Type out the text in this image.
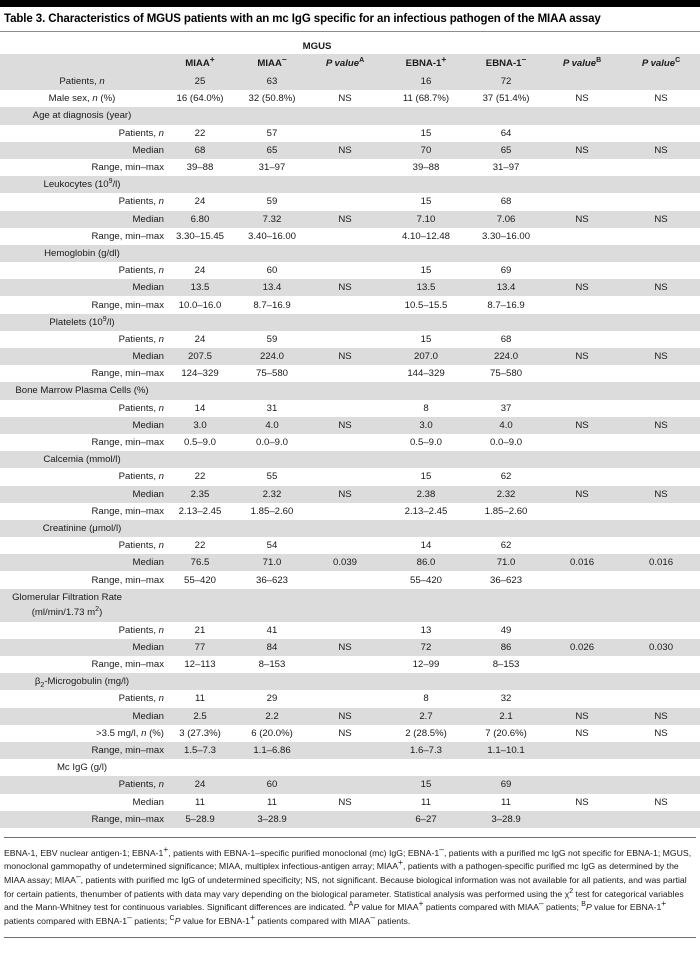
Table 3. Characteristics of MGUS patients with an mc IgG specific for an infectious pathogen of the MIAA assay
	MGUS						
	MIAA+	MIAA–	P value$^A$	EBNA-1+	EBNA-1–	P value$^B$	P value$^C$
Patients, n	25	63		16	72		
Male sex, n (%)	16 (64.0%)	32 (50.8%)	NS	11 (68.7%)	37 (51.4%)	NS	NS
Age at diagnosis (year)							
Patients, n	22	57		15	64		
Median	68	65	NS	70	65	NS	NS
Range, min–max	39–88	31–97		39–88	31–97		
Leukocytes $(10^9/l)$							
Patients, n	24	59		15	68		
Median	6.80	7.32	NS	7.10	7.06	NS	NS
Range, min–max	3.30–15.45	3.40–16.00		4.10–12.48	3.30–16.00		
Hemoglobin (g/dl)							
Patients, n	24	60		15	69		
Median	13.5	13.4	NS	13.5	13.4	NS	NS
Range, min–max	10.0–16.0	8.7–16.9		10.5–15.5	8.7–16.9		
Platelets $(10^9/l)$							
Patients, n	24	59		15	68		
Median	207.5	224.0	NS	207.0	224.0	NS	NS
Range, min–max	124–329	75–580		144–329	75–580		
Bone Marrow Plasma Cells (%)							
Patients, n	14	31		8	37		
Median	3.0	4.0	NS	3.0	4.0	NS	NS
Range, min–max	0.5–9.0	0.0–9.0		0.5–9.0	0.0–9.0		
Calcemia (mmol/l)							
Patients, n	22	55		15	62		
Median	2.35	2.32	NS	2.38	2.32	NS	NS
Range, min–max	2.13–2.45	1.85–2.60		2.13–2.45	1.85–2.60		
Creatinine (μmol/l)							
Patients, n	22	54		14	62		
Median	76.5	71.0	0.039	86.0	71.0	0.016	0.016
Range, min–max	55–420	36–623		55–420	36–623		
Glomerular Filtration Rate (ml/min/1.73 $m^2$)							
Patients, n	21	41		13	49		
Median	77	84	NS	72	86	0.026	0.030
Range, min–max	12–113	8–153		12–99	8–153		
$\beta_2$-Microgobulin (mg/l)							
Patients, n	11	29		8	32		
Median	2.5	2.2	NS	2.7	2.1	NS	NS
>3.5 mg/l, n (%)	3 (27.3%)	6 (20.0%)	NS	2 (28.5%)	7 (20.6%)	NS	NS
Range, min–max	1.5–7.3	1.1–6.86		1.6–7.3	1.1–10.1		
Mc IgG (g/l)							
Patients, n	24	60		15	69		
Median	11	11	NS	11	11	NS	NS
Range, min–max	5–28.9	3–28.9		6–27	3–28.9		
EBNA-1, EBV nuclear antigen-1; EBNA-1+, patients with EBNA-1–specific purified monoclonal (mc) IgG; EBNA-1–, patients with a purified mc IgG not specific for EBNA-1; MGUS, monoclonal gammopathy of undetermined significance; MIAA, multiplex infectious-antigen array; MIAA+, patients with a pathogen-specific purified mc IgG as determined by the MIAA assay; MIAA–, patients with purified mc IgG of undetermined specificity; NS, not significant. Because biological information was not available for all patients, and was partial for certain patients, thenumber of patients with data may vary depending on the biological parameter. Statistical analysis was performed using the $\chi^2$ test for categorical variables and the Mann-Whitney test for continuous variables. Significant differences are indicated. $^A$P value for MIAA+ patients compared with MIAA– patients; $^B$P value for EBNA-1+ patients compared with EBNA-1– patients; $^C$P value for EBNA-1+ patients compared with MIAA– patients.
